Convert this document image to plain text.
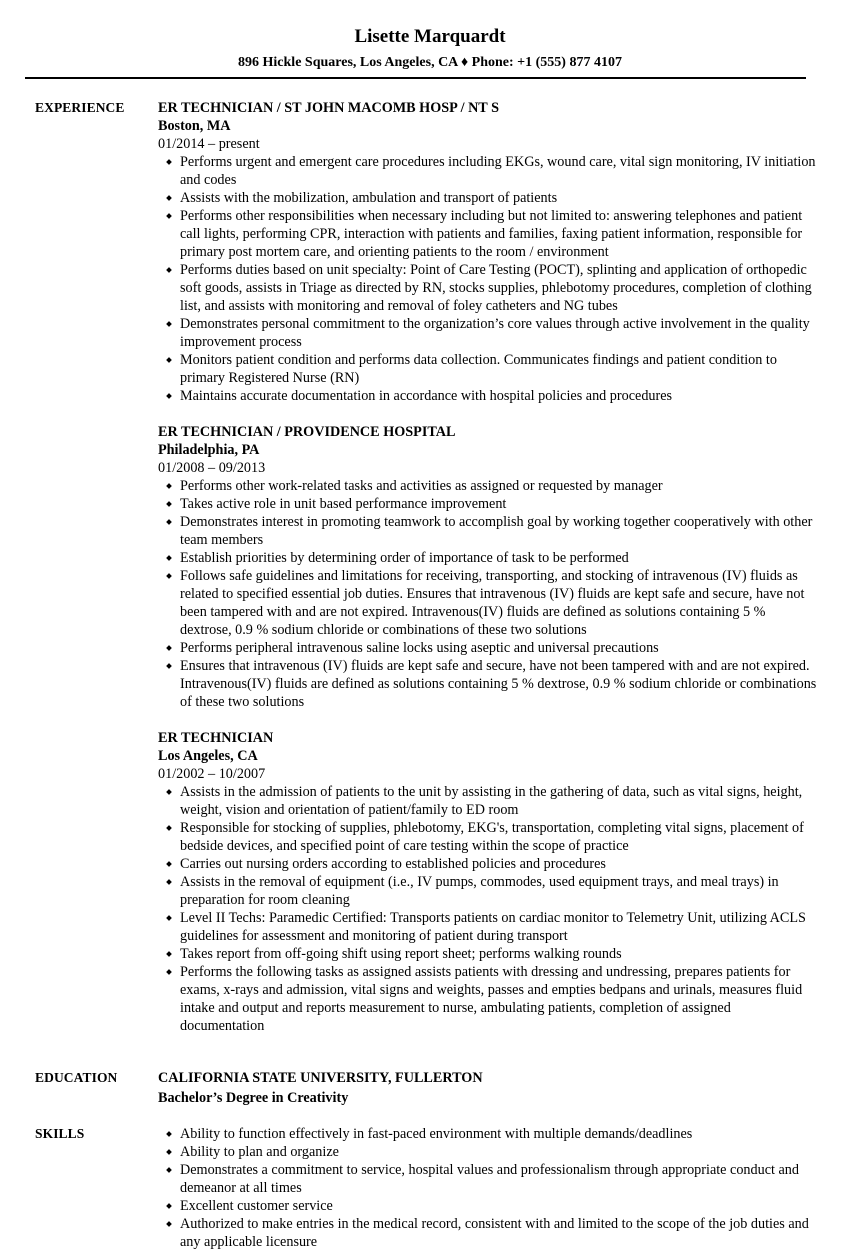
Lisette Marquardt
896 Hickle Squares, Los Angeles, CA ♦ Phone: +1 (555) 877 4107
EXPERIENCE ER TECHNICIAN / ST JOHN MACOMB HOSP / NT S
Boston, MA
01/2014 – present
Performs urgent and emergent care procedures including EKGs, wound care, vital sign monitoring, IV initiation and codes
Assists with the mobilization, ambulation and transport of patients
Performs other responsibilities when necessary including but not limited to: answering telephones and patient call lights, performing CPR, interaction with patients and families, faxing patient information, responsible for primary post mortem care, and orienting patients to the room / environment
Performs duties based on unit specialty: Point of Care Testing (POCT), splinting and application of orthopedic soft goods, assists in Triage as directed by RN, stocks supplies, phlebotomy procedures, completion of clothing list, and assists with monitoring and removal of foley catheters and NG tubes
Demonstrates personal commitment to the organization’s core values through active involvement in the quality improvement process
Monitors patient condition and performs data collection. Communicates findings and patient condition to primary Registered Nurse (RN)
Maintains accurate documentation in accordance with hospital policies and procedures
ER TECHNICIAN / PROVIDENCE HOSPITAL
Philadelphia, PA
01/2008 – 09/2013
Performs other work-related tasks and activities as assigned or requested by manager
Takes active role in unit based performance improvement
Demonstrates interest in promoting teamwork to accomplish goal by working together cooperatively with other team members
Establish priorities by determining order of importance of task to be performed
Follows safe guidelines and limitations for receiving, transporting, and stocking of intravenous (IV) fluids as related to specified essential job duties. Ensures that intravenous (IV) fluids are kept safe and secure, have not been tampered with and are not expired. Intravenous(IV) fluids are defined as solutions containing 5 % dextrose, 0.9 % sodium chloride or combinations of these two solutions
Performs peripheral intravenous saline locks using aseptic and universal precautions
Ensures that intravenous (IV) fluids are kept safe and secure, have not been tampered with and are not expired. Intravenous(IV) fluids are defined as solutions containing 5 % dextrose, 0.9 % sodium chloride or combinations of these two solutions
ER TECHNICIAN
Los Angeles, CA
01/2002 – 10/2007
Assists in the admission of patients to the unit by assisting in the gathering of data, such as vital signs, height, weight, vision and orientation of patient/family to ED room
Responsible for stocking of supplies, phlebotomy, EKG's, transportation, completing vital signs, placement of bedside devices, and specified point of care testing within the scope of practice
Carries out nursing orders according to established policies and procedures
Assists in the removal of equipment (i.e., IV pumps, commodes, used equipment trays, and meal trays) in preparation for room cleaning
Level II Techs: Paramedic Certified: Transports patients on cardiac monitor to Telemetry Unit, utilizing ACLS guidelines for assessment and monitoring of patient during transport
Takes report from off-going shift using report sheet; performs walking rounds
Performs the following tasks as assigned assists patients with dressing and undressing, prepares patients for exams, x-rays and admission, vital signs and weights, passes and empties bedpans and urinals, measures fluid intake and output and reports measurement to nurse, ambulating patients, completion of assigned documentation
EDUCATION	CALIFORNIA STATE UNIVERSITY, FULLERTON
Bachelor’s Degree in Creativity
SKILLS	Ability to function effectively in fast-paced environment with multiple demands/deadlines
Ability to plan and organize
Demonstrates a commitment to service, hospital values and professionalism through appropriate conduct and demeanor at all times
Excellent customer service
Authorized to make entries in the medical record, consistent with and limited to the scope of the job duties and any applicable licensure
